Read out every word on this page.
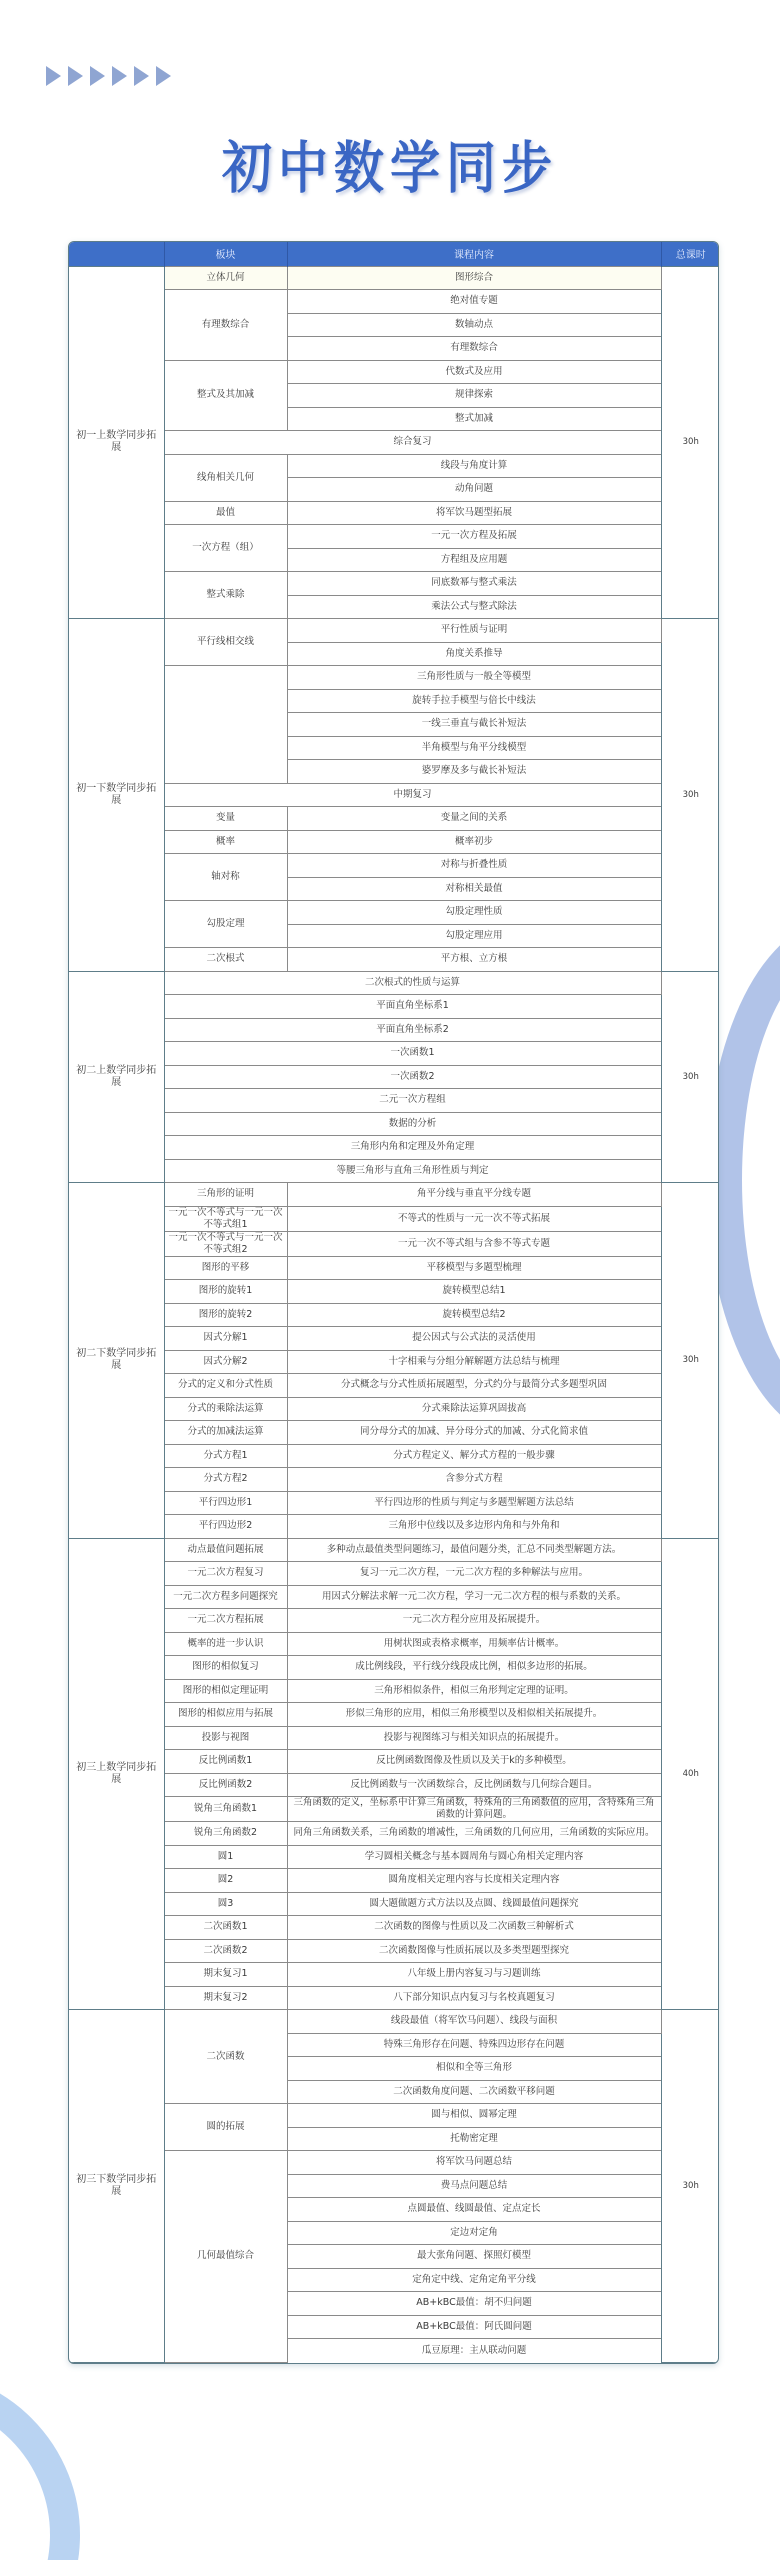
初中数学同步
	板块	课程内容	总课时
初一上数学同步拓展	立体几何	图形综合	30h
	有理数综合	绝对值专题	
		数轴动点	
		有理数综合	
	整式及其加减	代数式及应用	
		规律探索	
		整式加减	
	综合复习		
	线角相关几何	线段与角度计算	
		动角问题	
	最值	将军饮马题型拓展	
	一次方程（组）	一元一次方程及拓展	
		方程组及应用题	
	整式乘除	同底数幂与整式乘法	
		乘法公式与整式除法	
初一下数学同步拓展	平行线相交线	平行性质与证明	30h
		角度关系推导	
		三角形性质与一般全等模型	
		旋转手拉手模型与倍长中线法	
		一线三垂直与截长补短法	
		半角模型与角平分线模型	
		婆罗摩及多与截长补短法	
	中期复习		
	变量	变量之间的关系	
	概率	概率初步	
	轴对称	对称与折叠性质	
		对称相关最值	
	勾股定理	勾股定理性质	
		勾股定理应用	
	二次根式	平方根、立方根	
初二上数学同步拓展	二次根式的性质与运算		30h
	平面直角坐标系1		
	平面直角坐标系2		
	一次函数1		
	一次函数2		
	二元一次方程组		
	数据的分析		
	三角形内角和定理及外角定理		
	等腰三角形与直角三角形性质与判定		
初二下数学同步拓展	三角形的证明	角平分线与垂直平分线专题	30h
	一元一次不等式与一元一次不等式组1	不等式的性质与一元一次不等式拓展	
	一元一次不等式与一元一次不等式组2	一元一次不等式组与含参不等式专题	
	图形的平移	平移模型与多题型梳理	
	图形的旋转1	旋转模型总结1	
	图形的旋转2	旋转模型总结2	
	因式分解1	提公因式与公式法的灵活使用	
	因式分解2	十字相乘与分组分解解题方法总结与梳理	
	分式的定义和分式性质	分式概念与分式性质拓展题型，分式约分与最简分式多题型巩固	
	分式的乘除法运算	分式乘除法运算巩固拔高	
	分式的加减法运算	同分母分式的加减、异分母分式的加减、分式化简求值	
	分式方程1	分式方程定义、解分式方程的一般步骤	
	分式方程2	含参分式方程	
	平行四边形1	平行四边形的性质与判定与多题型解题方法总结	
	平行四边形2	三角形中位线以及多边形内角和与外角和	
初三上数学同步拓展	动点最值问题拓展	多种动点最值类型问题练习，最值问题分类，汇总不同类型解题方法。	40h
	一元二次方程复习	复习一元二次方程，一元二次方程的多种解法与应用。	
	一元二次方程多问题探究	用因式分解法求解一元二次方程，学习一元二次方程的根与系数的关系。	
	一元二次方程拓展	一元二次方程分应用及拓展提升。	
	概率的进一步认识	用树状图或表格求概率，用频率估计概率。	
	图形的相似复习	成比例线段，平行线分线段成比例，相似多边形的拓展。	
	图形的相似定理证明	三角形相似条件，相似三角形判定定理的证明。	
	图形的相似应用与拓展	形似三角形的应用，相似三角形模型以及相似相关拓展提升。	
	投影与视图	投影与视图练习与相关知识点的拓展提升。	
	反比例函数1	反比例函数图像及性质以及关于k的多种模型。	
	反比例函数2	反比例函数与一次函数综合，反比例函数与几何综合题目。	
	锐角三角函数1	三角函数的定义，坐标系中计算三角函数，特殊角的三角函数值的应用，含特殊角三角函数的计算问题。	
	锐角三角函数2	同角三角函数关系，三角函数的增减性，三角函数的几何应用，三角函数的实际应用。	
	圆1	学习圆相关概念与基本圆周角与圆心角相关定理内容	
	圆2	圆角度相关定理内容与长度相关定理内容	
	圆3	圆大题做题方式方法以及点圆、线圆最值问题探究	
	二次函数1	二次函数的图像与性质以及二次函数三种解析式	
	二次函数2	二次函数图像与性质拓展以及多类型题型探究	
	期末复习1	八年级上册内容复习与习题训练	
	期末复习2	八下部分知识点内复习与名校真题复习	
初三下数学同步拓展	二次函数	线段最值（将军饮马问题）、线段与面积	30h
		特殊三角形存在问题、特殊四边形存在问题	
		相似和全等三角形	
		二次函数角度问题、二次函数平移问题	
	圆的拓展	圆与相似、圆幂定理	
		托勒密定理	
	几何最值综合	将军饮马问题总结	
		费马点问题总结	
		点圆最值、线圆最值、定点定长	
		定边对定角	
		最大张角问题、探照灯模型	
		定角定中线、定角定角平分线	
		AB+kBC最值：胡不归问题	
		AB+kBC最值：阿氏圆问题	
		瓜豆原理：主从联动问题	
